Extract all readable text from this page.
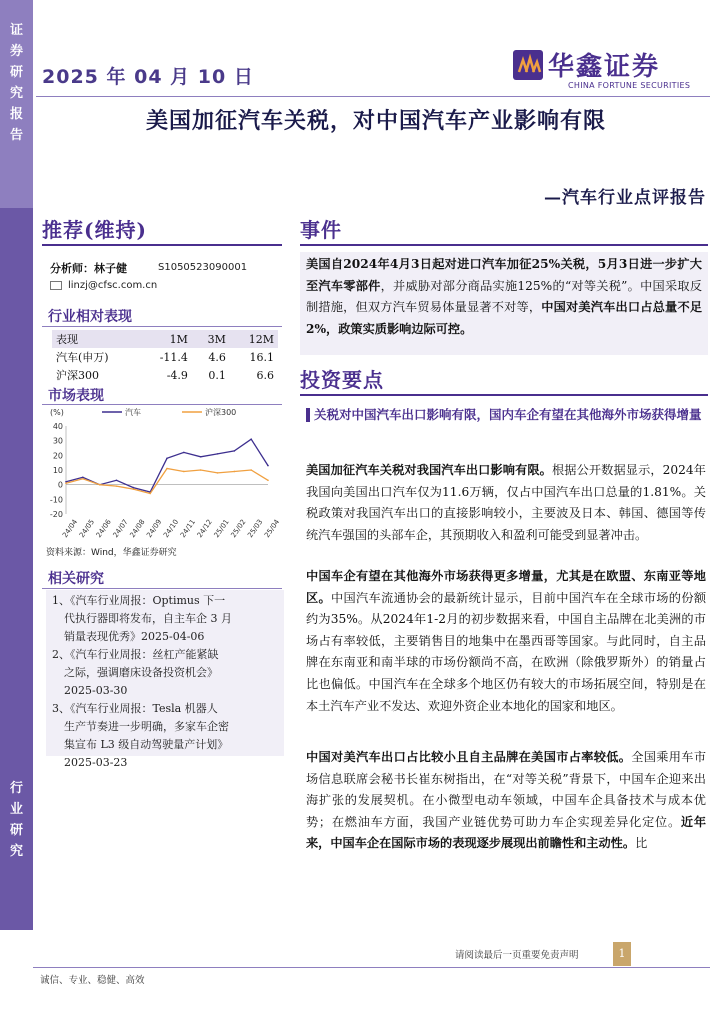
证
券
研
究
报
告
行
业
研
究
2025 年 04 月 10 日	华鑫证券
CHINA FORTUNE SECURITIES
美国加征汽车关税，对中国汽车产业影响有限
—汽车行业点评报告
推荐(维持)
分析师：林子健	S1050523090001
linzj@cfsc.com.cn
行业相对表现
表现	1M	3M	12M
汽车(申万)	-11.4	4.6	16.1
沪深300	-4.9	0.1	6.6
市场表现
(%)
40
30
20
10
0
-10
-20
汽车	沪深300
24/04
24/05
24/06
24/07
24/08
24/09
24/10
24/11
24/12
25/01
25/02
25/03
25/04
资料来源：Wind，华鑫证券研究
相关研究
1、《汽车行业周报：Optimus 下一
代执行器即将发布，自主车企 3 月
销量表现优秀》2025-04-06
2、《汽车行业周报：丝杠产能紧缺
之际，强调磨床设备投资机会》
2025-03-30
3、《汽车行业周报：Tesla 机器人
生产节奏进一步明确，多家车企密
集宣布 L3 级自动驾驶量产计划》
2025-03-23
事件
美国自2024年4月3日起对进口汽车加征25%关税，5月3日进一步扩大至汽车零部件，并威胁对部分商品实施125%的“对等关税”。中国采取反制措施，但双方汽车贸易体量显著不对等，中国对美汽车出口占总量不足2%，政策实质影响边际可控。
投资要点
关税对中国汽车出口影响有限，国内车企有望在其他海外市场获得增量
美国加征汽车关税对我国汽车出口影响有限。根据公开数据显示，2024年我国向美国出口汽车仅为11.6万辆，仅占中国汽车出口总量的1.81%。关税政策对我国汽车出口的直接影响较小，主要波及日本、韩国、德国等传统汽车强国的头部车企，其预期收入和盈利可能受到显著冲击。
中国车企有望在其他海外市场获得更多增量，尤其是在欧盟、东南亚等地区。中国汽车流通协会的最新统计显示，目前中国汽车在全球市场的份额约为35%。从2024年1-2月的初步数据来看，中国自主品牌在北美洲的市场占有率较低，主要销售目的地集中在墨西哥等国家。与此同时，自主品牌在东南亚和南半球的市场份额尚不高，在欧洲（除俄罗斯外）的销量占比也偏低。中国汽车在全球多个地区仍有较大的市场拓展空间，特别是在本土汽车产业不发达、欢迎外资企业本地化的国家和地区。
中国对美汽车出口占比较小且自主品牌在美国市占率较低。全国乘用车市场信息联席会秘书长崔东树指出，在“对等关税”背景下，中国车企迎来出海扩张的发展契机。在小微型电动车领域，中国车企具备技术与成本优势；在燃油车方面，我国产业链优势可助力车企实现差异化定位。近年来，中国车企在国际市场的表现逐步展现出前瞻性和主动性。比
请阅读最后一页重要免责声明	1
诚信、专业、稳健、高效
